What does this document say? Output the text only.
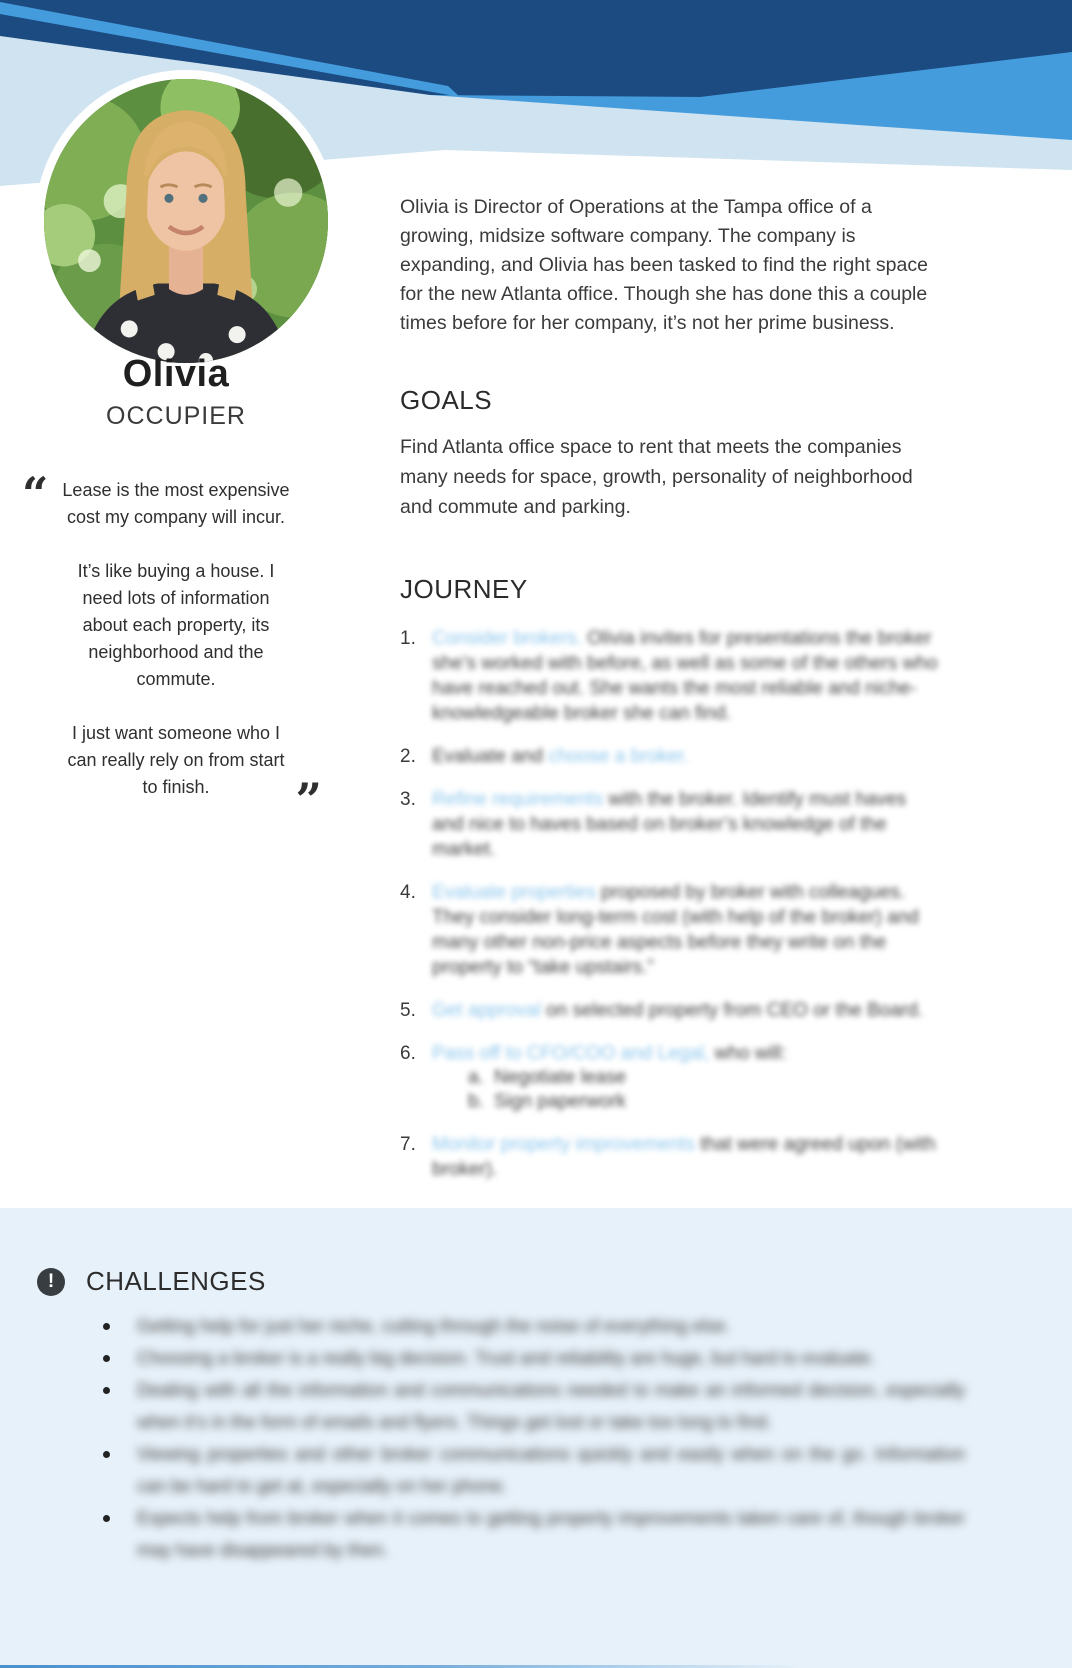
Olivia
OCCUPIER
“ Lease is the most expensive
cost my company will incur.

It’s like buying a house. I
need lots of information
about each property, its
neighborhood and the
commute.

I just want someone who I
can really rely on from start
to finish.	”
Olivia is Director of Operations at the Tampa office of a
growing, midsize software company. The company is
expanding, and Olivia has been tasked to find the right space
for the new Atlanta office. Though she has done this a couple
times before for her company, it’s not her prime business.
GOALS
Find Atlanta office space to rent that meets the companies
many needs for space, growth, personality of neighborhood
and commute and parking.
JOURNEY
1. Consider brokers. Olivia invites for presentations the broker she’s worked with before, as well as some of the others who have reached out. She wants the most reliable and niche-knowledgeable broker she can find.
2. Evaluate and choose a broker.
3. Refine requirements with the broker. Identify must haves and nice to haves based on broker’s knowledge of the market.
4. Evaluate properties proposed by broker with colleagues. They consider long-term cost (with help of the broker) and many other non-price aspects before they write on the property to “take upstairs.”
5. Get approval on selected property from CEO or the Board.
6. Pass off to CFO/COO and Legal, who will:
a. Negotiate lease
b. Sign paperwork
7. Monitor property improvements that were agreed upon (with broker).
!	CHALLENGES
Getting help for just her niche, cutting through the noise of everything else.
Choosing a broker is a really big decision. Trust and reliability are huge, but hard to evaluate.
Dealing with all the information and communications needed to make an informed decision, especially when it’s in the form of emails and flyers. Things get lost or take too long to find.
Viewing properties and other broker communications quickly and easily when on the go. Information can be hard to get at, especially on her phone.
Expects help from broker when it comes to getting property improvements taken care of, though broker may have disappeared by then.
